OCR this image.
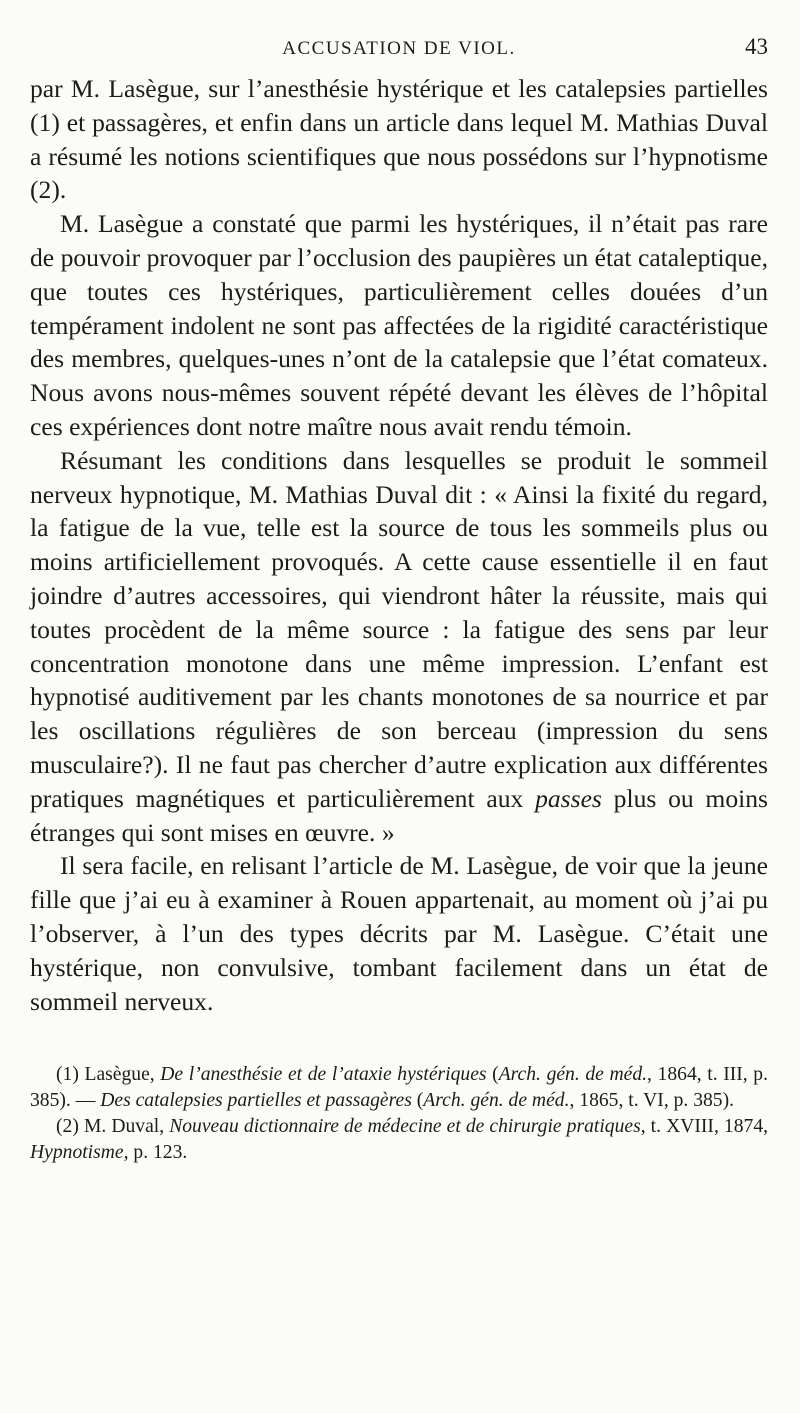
ACCUSATION DE VIOL.	43

par M. Lasègue, sur l’anesthésie hystérique et les catalepsies partielles (1) et passagères, et enfin dans un article dans lequel M. Mathias Duval a résumé les notions scientifiques que nous possédons sur l’hypnotisme (2).

M. Lasègue a constaté que parmi les hystériques, il n’était pas rare de pouvoir provoquer par l’occlusion des paupières un état cataleptique, que toutes ces hystériques, particulièrement celles douées d’un tempérament indolent ne sont pas affectées de la rigidité caractéristique des membres, quelques-unes n’ont de la catalepsie que l’état comateux. Nous avons nous-mêmes souvent répété devant les élèves de l’hôpital ces expériences dont notre maître nous avait rendu témoin.

Résumant les conditions dans lesquelles se produit le sommeil nerveux hypnotique, M. Mathias Duval dit : « Ainsi la fixité du regard, la fatigue de la vue, telle est la source de tous les sommeils plus ou moins artificiellement provoqués. A cette cause essentielle il en faut joindre d’autres accessoires, qui viendront hâter la réussite, mais qui toutes procèdent de la même source : la fatigue des sens par leur concentration monotone dans une même impression. L’enfant est hypnotisé auditivement par les chants monotones de sa nourrice et par les oscillations régulières de son berceau (impression du sens musculaire?). Il ne faut pas chercher d’autre explication aux différentes pratiques magnétiques et particulièrement aux passes plus ou moins étranges qui sont mises en œuvre. »

Il sera facile, en relisant l’article de M. Lasègue, de voir que la jeune fille que j’ai eu à examiner à Rouen appartenait, au moment où j’ai pu l’observer, à l’un des types décrits par M. Lasègue. C’était une hystérique, non convulsive, tombant facilement dans un état de sommeil nerveux.

(1) Lasègue, De l’anesthésie et de l’ataxie hystériques (Arch. gén. de méd., 1864, t. III, p. 385). — Des catalepsies partielles et passagères (Arch. gén. de méd., 1865, t. VI, p. 385).

(2) M. Duval, Nouveau dictionnaire de médecine et de chirurgie pratiques, t. XVIII, 1874, Hypnotisme, p. 123.
